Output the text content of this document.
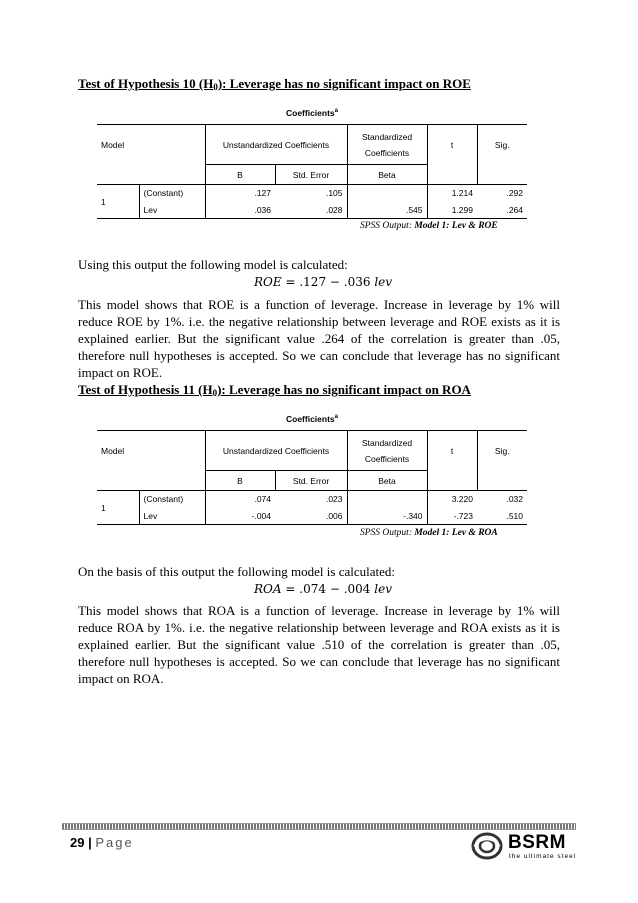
Test of Hypothesis 10 $(H_0)$: Leverage has no significant impact on ROE
Coefficients$^a$
Model		Unstandardized Coefficients		Standardized
Coefficients	t	Sig.
		B	Std. Error	Beta		
1	(Constant)	.127	.105		1.214	.292
	Lev	.036	.028	.545	1.299	.264
SPSS Output: Model 1: Lev & ROE
Using this output the following model is calculated:
ROE = .127 − .036 lev
This model shows that ROE is a function of leverage. Increase in leverage by 1% will reduce ROE by 1%. i.e. the negative relationship between leverage and ROE exists as it is explained earlier. But the significant value .264 of the correlation is greater than .05, therefore null hypotheses is accepted. So we can conclude that leverage has no significant impact on ROE.
Test of Hypothesis 11 $(H_0)$: Leverage has no significant impact on ROA
Coefficients$^a$
Model		Unstandardized Coefficients		Standardized
Coefficients	t	Sig.
		B	Std. Error	Beta		
1	(Constant)	.074	.023		3.220	.032
	Lev	-.004	.006	-.340	-.723	.510
SPSS Output: Model 1: Lev & ROA
On the basis of this output the following model is calculated:
ROA = .074 − .004 lev
This model shows that ROA is a function of leverage. Increase in leverage by 1% will reduce ROA by 1%. i.e. the negative relationship between leverage and ROA exists as it is explained earlier. But the significant value .510 of the correlation is greater than .05, therefore null hypotheses is accepted. So we can conclude that leverage has no significant impact on ROA.
29 | Page	BSRM
the ultimate steel
